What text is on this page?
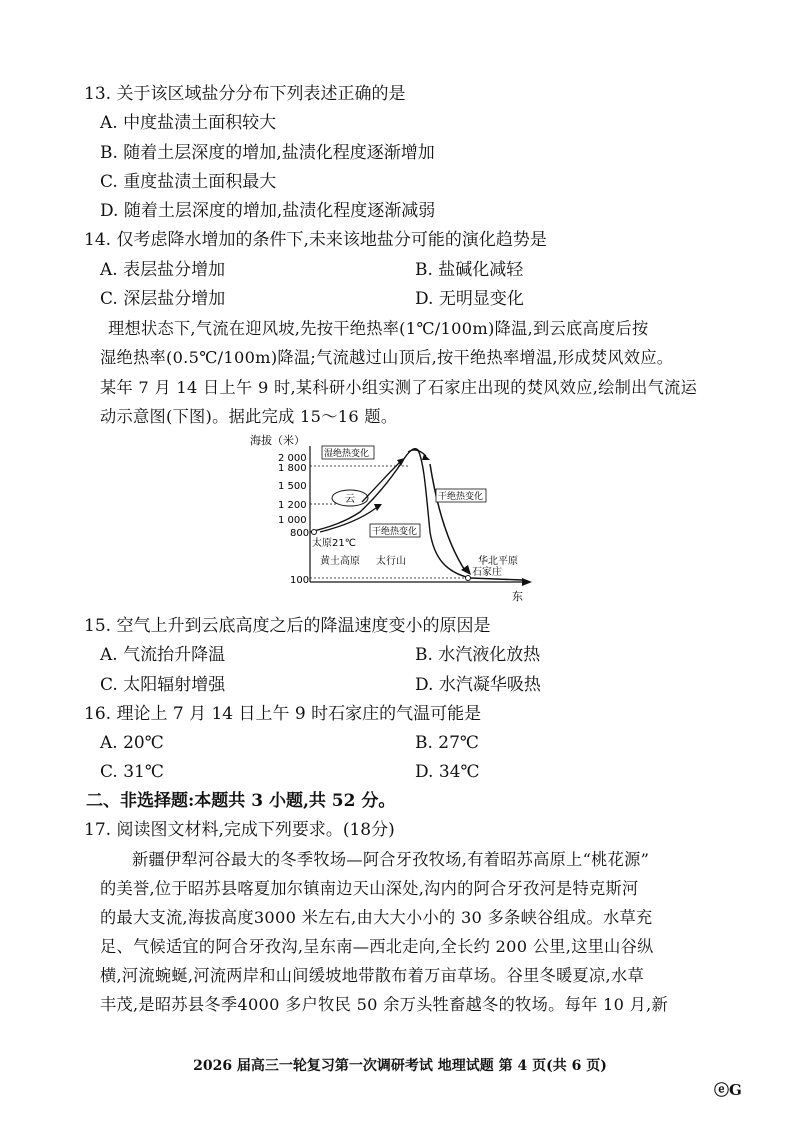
13. 关于该区域盐分分布下列表述正确的是
A. 中度盐渍土面积较大
B. 随着土层深度的增加,盐渍化程度逐渐增加
C. 重度盐渍土面积最大
D. 随着土层深度的增加,盐渍化程度逐渐减弱
14. 仅考虑降水增加的条件下,未来该地盐分可能的演化趋势是
A. 表层盐分增加	B. 盐碱化减轻
C. 深层盐分增加	D. 无明显变化
理想状态下,气流在迎风坡,先按干绝热率(1℃/100m)降温,到云底高度后按
湿绝热率(0.5℃/100m)降温;气流越过山顶后,按干绝热率增温,形成焚风效应。
某年 7 月 14 日上午 9 时,某科研小组实测了石家庄出现的焚风效应,绘制出气流运
动示意图(下图)。据此完成 15～16 题。
海拔（米）
2 000
1 800
1 500
1 200
1 000
800
100
云
湿绝热变化
干绝热变化
干绝热变化
太原21℃
黄土高原 太行山	华北平原
石家庄
东
15. 空气上升到云底高度之后的降温速度变小的原因是
A. 气流抬升降温	B. 水汽液化放热
C. 太阳辐射增强	D. 水汽凝华吸热
16. 理论上 7 月 14 日上午 9 时石家庄的气温可能是
A. 20℃	B. 27℃
C. 31℃	D. 34℃
二、非选择题:本题共 3 小题,共 52 分。
17. 阅读图文材料,完成下列要求。(18分)
新疆伊犁河谷最大的冬季牧场—阿合牙孜牧场,有着昭苏高原上“桃花源”
的美誉,位于昭苏县喀夏加尔镇南边天山深处,沟内的阿合牙孜河是特克斯河
的最大支流,海拔高度3000 米左右,由大大小小的 30 多条峡谷组成。水草充
足、气候适宜的阿合牙孜沟,呈东南—西北走向,全长约 200 公里,这里山谷纵
横,河流蜿蜒,河流两岸和山间缓坡地带散布着万亩草场。谷里冬暖夏凉,水草
丰茂,是昭苏县冬季4000 多户牧民 50 余万头牲畜越冬的牧场。每年 10 月,新
2026 届高三一轮复习第一次调研考试 地理试题 第 4 页(共 6 页)
ⓔG
